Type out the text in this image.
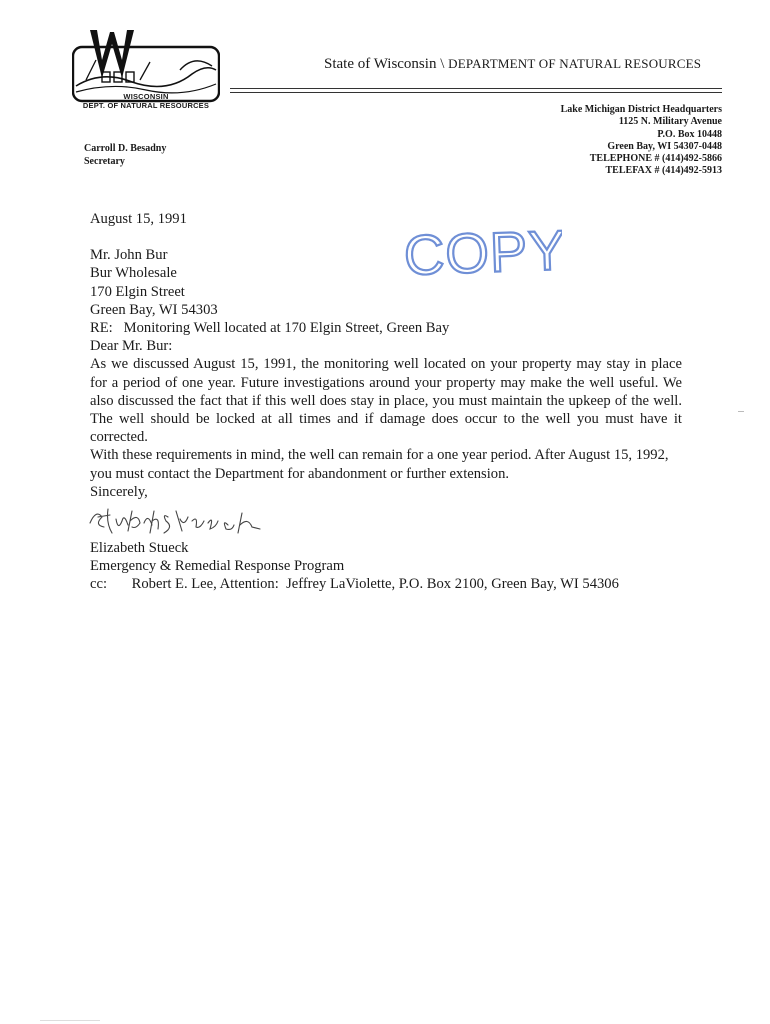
WISCONSIN
DEPT. OF NATURAL RESOURCES
State of Wisconsin \ DEPARTMENT OF NATURAL RESOURCES
Lake Michigan District Headquarters
1125 N. Military Avenue
P.O. Box 10448
Green Bay, WI 54307-0448
TELEPHONE # (414)492-5866
TELEFAX # (414)492-5913
Carroll D. Besadny
Secretary
COPY

August 15, 1991

Mr. John Bur

Bur Wholesale

170 Elgin Street

Green Bay, WI 54303

RE:   Monitoring Well located at 170 Elgin Street, Green Bay

Dear Mr. Bur:

As we discussed August 15, 1991, the monitoring well located on your property may stay in place for a period of one year. Future investigations around your property may make the well useful. We also discussed the fact that if this well does stay in place, you must maintain the upkeep of the well. The well should be locked at all times and if damage does occur to the well you must have it corrected.

With these requirements in mind, the well can remain for a one year period. After August 15, 1992, you must contact the Department for abandonment or further extension.

Sincerely,

Elizabeth Stueck

Emergency & Remedial Response Program

cc: Robert E. Lee, Attention:  Jeffrey LaViolette, P.O. Box 2100, Green Bay, WI 54306
